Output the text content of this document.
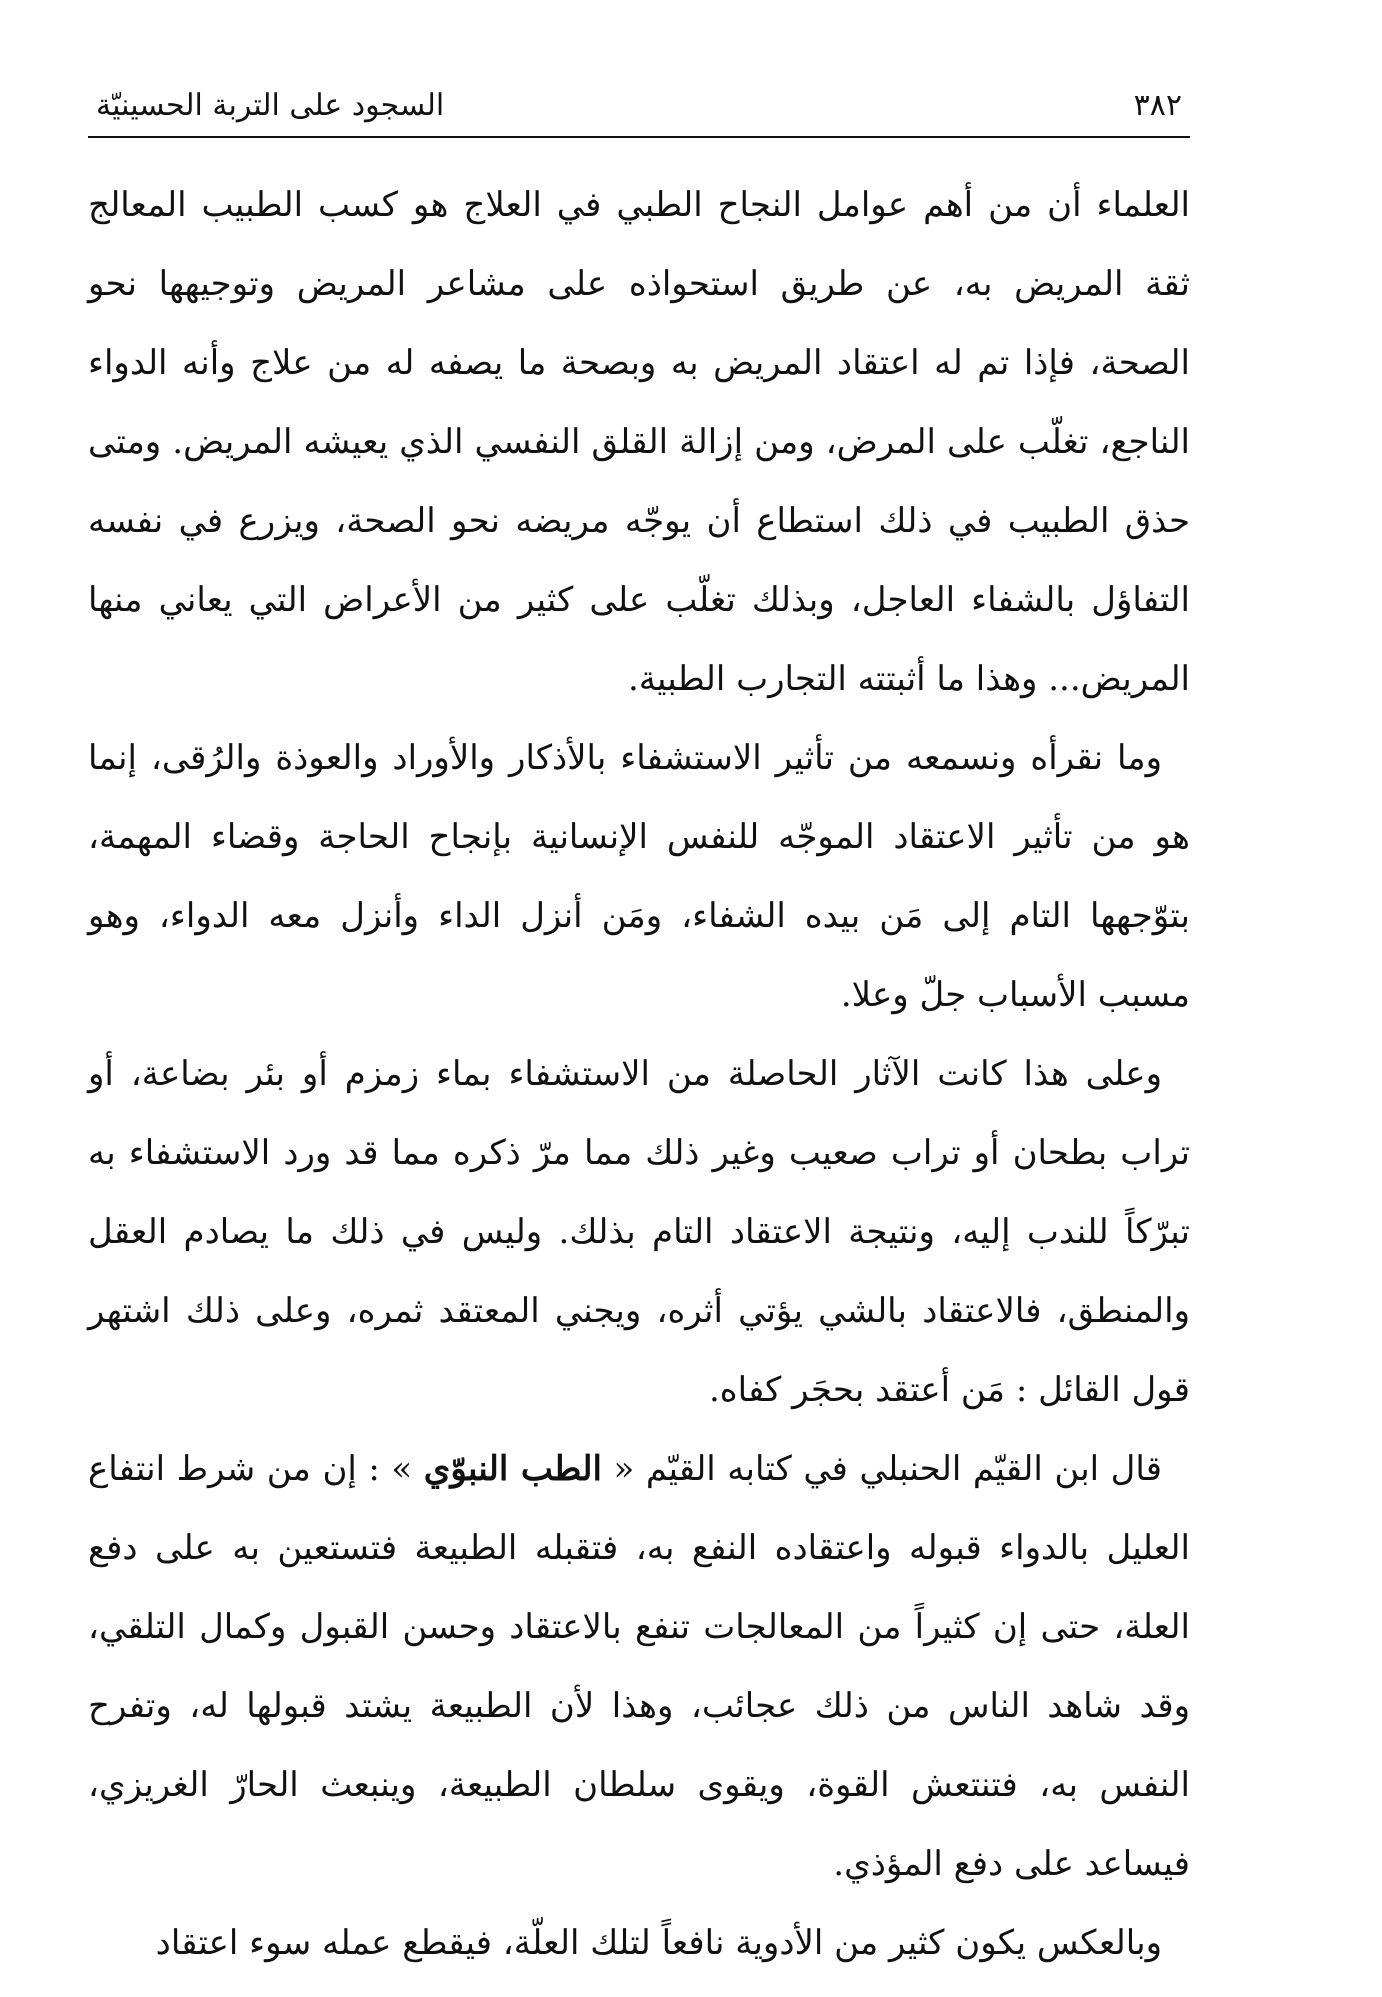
٣٨٢
السجود على التربة الحسينيّة

العلماء أن من أهم عوامل النجاح الطبي في العلاج هو كسب الطبيب المعالج ثقة المريض به، عن طريق استحواذه على مشاعر المريض وتوجيهها نحو الصحة، فإذا تم له اعتقاد المريض به وبصحة ما يصفه له من علاج وأنه الدواء الناجع، تغلّب على المرض، ومن إزالة القلق النفسي الذي يعيشه المريض. ومتى حذق الطبيب في ذلك استطاع أن يوجّه مريضه نحو الصحة، ويزرع في نفسه التفاؤل بالشفاء العاجل، وبذلك تغلّب على كثير من الأعراض التي يعاني منها المريض... وهذا ما أثبتته التجارب الطبية.

وما نقرأه ونسمعه من تأثير الاستشفاء بالأذكار والأوراد والعوذة والرُقى، إنما هو من تأثير الاعتقاد الموجّه للنفس الإنسانية بإنجاح الحاجة وقضاء المهمة، بتوّجهها التام إلى مَن بيده الشفاء، ومَن أنزل الداء وأنزل معه الدواء، وهو مسبب الأسباب جلّ وعلا.

وعلى هذا كانت الآثار الحاصلة من الاستشفاء بماء زمزم أو بئر بضاعة، أو تراب بطحان أو تراب صعيب وغير ذلك مما مرّ ذكره مما قد ورد الاستشفاء به تبرّكاً للندب إليه، ونتيجة الاعتقاد التام بذلك. وليس في ذلك ما يصادم العقل والمنطق، فالاعتقاد بالشي يؤتي أثره، ويجني المعتقد ثمره، وعلى ذلك اشتهر قول القائل : مَن أعتقد بحجَر كفاه.

قال ابن القيّم الحنبلي في كتابه القيّم « الطب النبوّي » : إن من شرط انتفاع العليل بالدواء قبوله واعتقاده النفع به، فتقبله الطبيعة فتستعين به على دفع العلة، حتى إن كثيراً من المعالجات تنفع بالاعتقاد وحسن القبول وكمال التلقي، وقد شاهد الناس من ذلك عجائب، وهذا لأن الطبيعة يشتد قبولها له، وتفرح النفس به، فتنتعش القوة، ويقوى سلطان الطبيعة، وينبعث الحارّ الغريزي، فيساعد على دفع المؤذي.

وبالعكس يكون كثير من الأدوية نافعاً لتلك العلّة، فيقطع عمله سوء اعتقاد
